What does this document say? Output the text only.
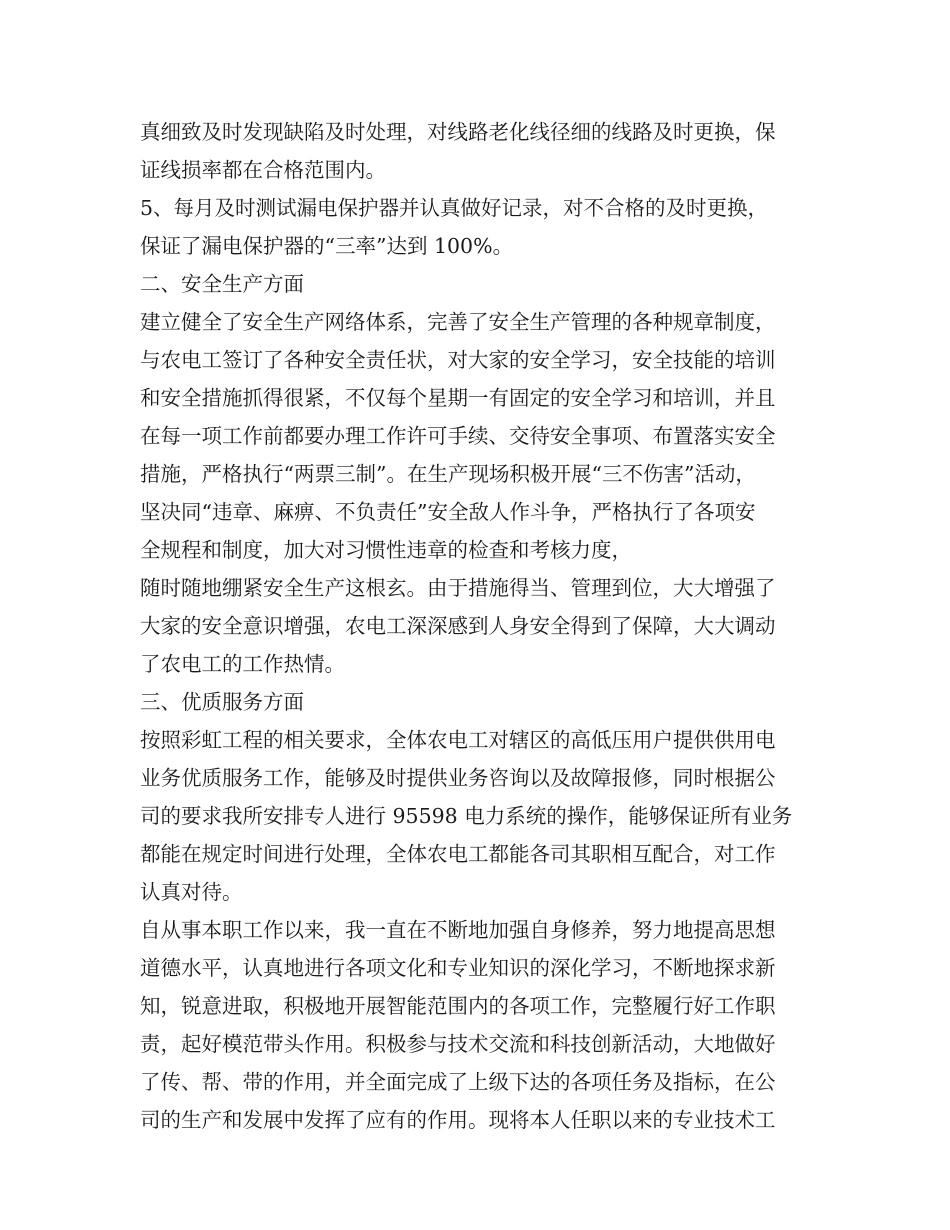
真细致及时发现缺陷及时处理，对线路老化线径细的线路及时更换，保
证线损率都在合格范围内。
5、每月及时测试漏电保护器并认真做好记录，对不合格的及时更换，
保证了漏电保护器的“三率”达到 100%。
二、安全生产方面
建立健全了安全生产网络体系，完善了安全生产管理的各种规章制度，
与农电工签订了各种安全责任状，对大家的安全学习，安全技能的培训
和安全措施抓得很紧，不仅每个星期一有固定的安全学习和培训，并且
在每一项工作前都要办理工作许可手续、交待安全事项、布置落实安全
措施，严格执行“两票三制”。在生产现场积极开展“三不伤害”活动，
坚决同“违章、麻痹、不负责任”安全敌人作斗争，严格执行了各项安
全规程和制度，加大对习惯性违章的检查和考核力度，
随时随地绷紧安全生产这根玄。由于措施得当、管理到位，大大增强了
大家的安全意识增强，农电工深深感到人身安全得到了保障，大大调动
了农电工的工作热情。
三、优质服务方面
按照彩虹工程的相关要求，全体农电工对辖区的高低压用户提供供用电
业务优质服务工作，能够及时提供业务咨询以及故障报修，同时根据公
司的要求我所安排专人进行 95598 电力系统的操作，能够保证所有业务
都能在规定时间进行处理，全体农电工都能各司其职相互配合，对工作
认真对待。
自从事本职工作以来，我一直在不断地加强自身修养，努力地提高思想
道德水平，认真地进行各项文化和专业知识的深化学习，不断地探求新
知，锐意进取，积极地开展智能范围内的各项工作，完整履行好工作职
责，起好模范带头作用。积极参与技术交流和科技创新活动，大地做好
了传、帮、带的作用，并全面完成了上级下达的各项任务及指标，在公
司的生产和发展中发挥了应有的作用。现将本人任职以来的专业技术工
